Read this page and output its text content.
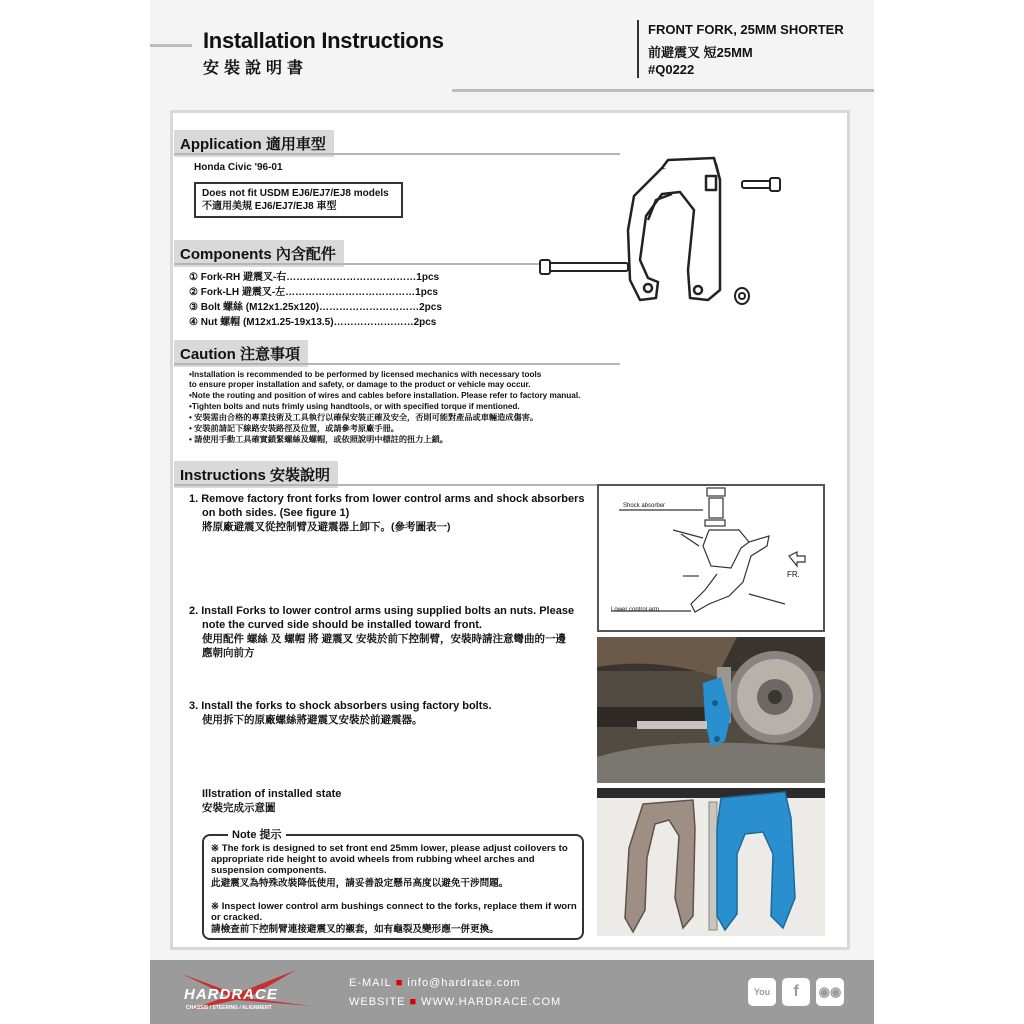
Installation Instructions
安裝說明書
FRONT FORK, 25MM SHORTER
前避震叉 短25MM
#Q0222
Application 適用車型
Honda Civic '96-01
Does not fit USDM EJ6/EJ7/EJ8 models
不適用美規 EJ6/EJ7/EJ8 車型
Components 內含配件
① Fork-RH 避震叉-右…………………………………1pcs
② Fork-LH 避震叉-左…………………………………1pcs
③ Bolt 螺絲 (M12x1.25x120)…………………………2pcs
④ Nut 螺帽 (M12x1.25-19x13.5)……………………2pcs
Caution 注意事項
•Installation is recommended to be performed by licensed mechanics with necessary tools
to ensure proper installation and safety, or damage to the product or vehicle may occur.
•Note the routing and position of wires and cables before installation. Please refer to factory manual.
•Tighten bolts and nuts frimly using handtools, or with specified torque if mentioned.
• 安裝需由合格的專業技術及工具執行以確保安裝正確及安全，否則可能對產品或車輛造成傷害。
• 安裝前請記下線路安裝路徑及位置，或請參考原廠手冊。
• 請使用手動工具確實鎖緊螺絲及螺帽，或依照說明中標註的扭力上鎖。
Instructions 安裝說明
1. Remove factory front forks from lower control arms and shock absorbers
on both sides. (See figure 1)
將原廠避震叉從控制臂及避震器上卸下。(參考圖表一)
2. Install Forks to lower control arms using supplied bolts an nuts. Please
note the curved side should be installed toward front.
使用配件 螺絲 及 螺帽 將 避震叉 安裝於前下控制臂，安裝時請注意彎曲的一邊
應朝向前方
3. Install the forks to shock absorbers using factory bolts.
使用拆下的原廠螺絲將避震叉安裝於前避震器。
Illstration of installed state
安裝完成示意圖
Shock absorber
Lower control arm
FR.
Note 提示
※ The fork is designed to set front end 25mm lower, please adjust coilovers to appropriate ride height to avoid wheels from rubbing wheel arches and suspension components.
此避震叉為特殊改裝降低使用，請妥善設定懸吊高度以避免干涉問題。
※ Inspect lower control arm bushings connect to the forks, replace them if worn or cracked.
請檢查前下控制臂連接避震叉的襯套，如有龜裂及變形應一併更換。
HARDRACE
CHASSIS / STEERING / ALIGNMENT
E-MAIL ■ info@hardrace.com
WEBSITE ■ WWW.HARDRACE.COM
You	f	◉◉
